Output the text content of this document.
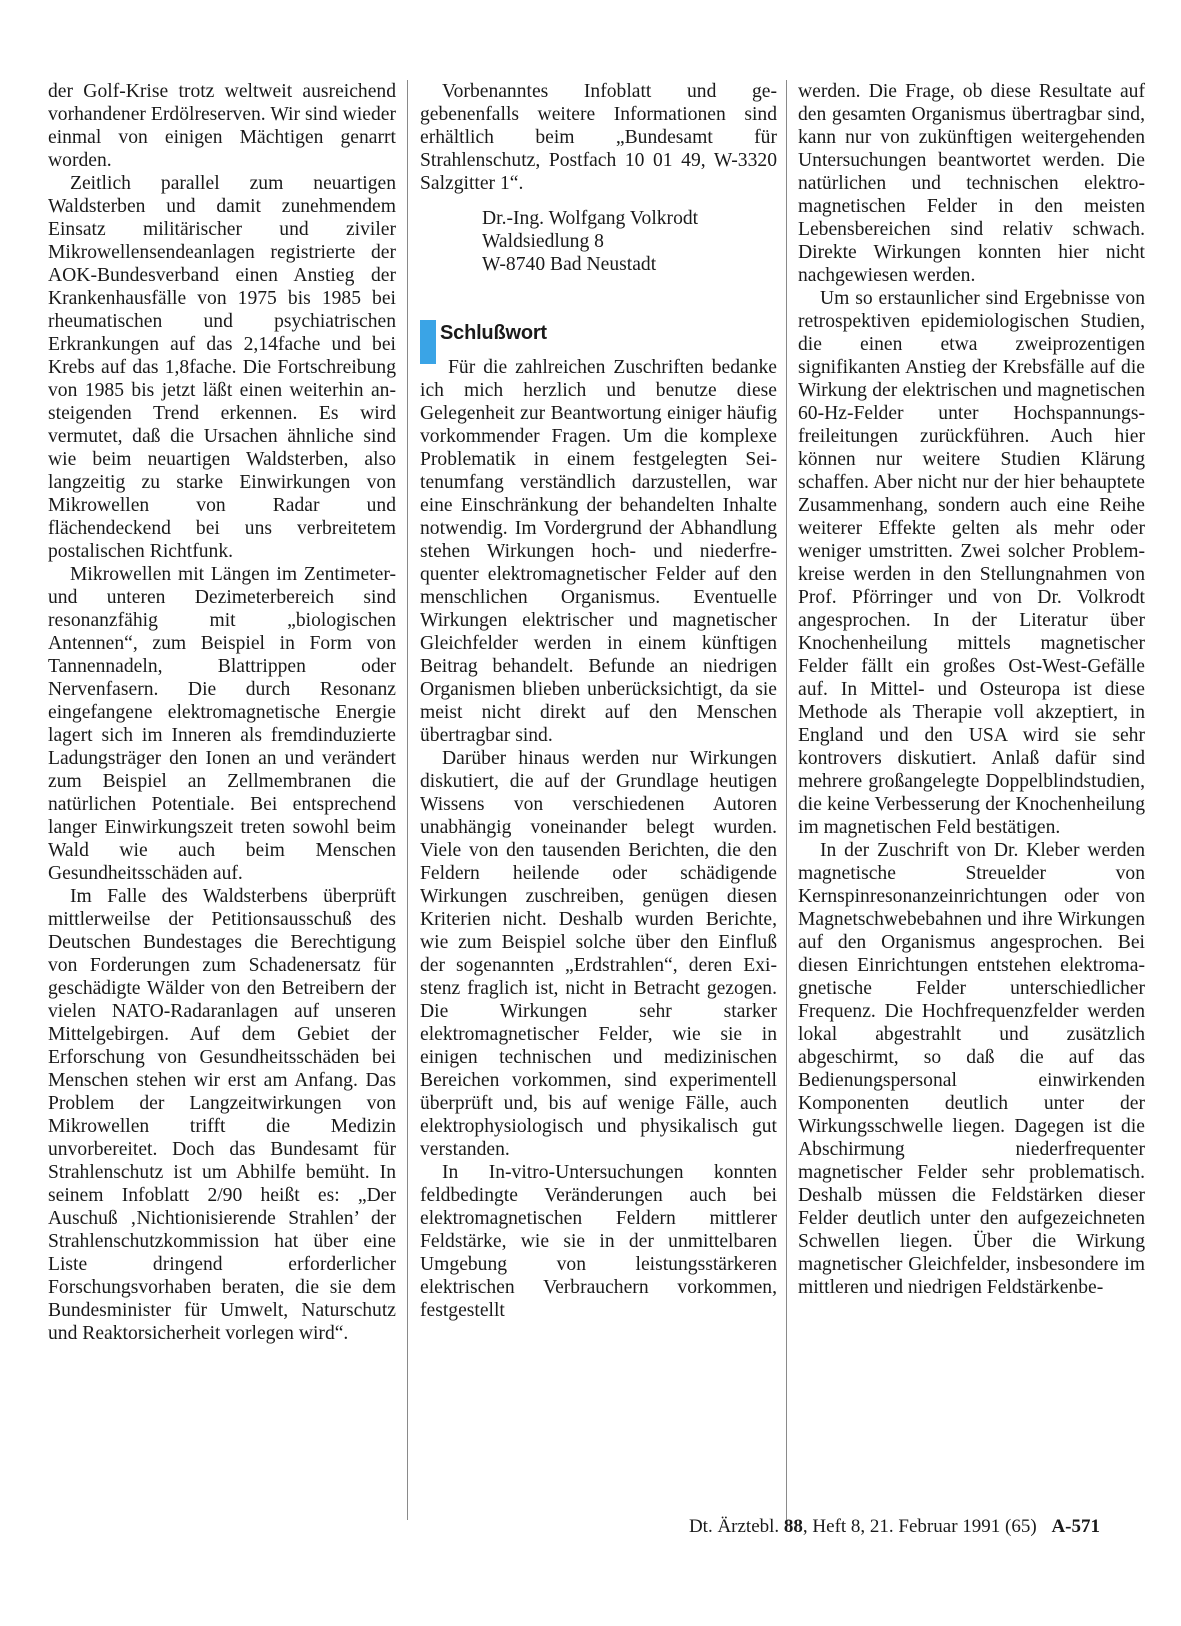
der Golf-Krise trotz weltweit ausreichend vorhandener Erdölreserven. Wir sind wieder einmal von einigen Mächtigen genarrt worden.

Zeitlich parallel zum neuartigen Waldsterben und damit zunehmendem Einsatz militärischer und ziviler Mikrowellensendeanlagen registrierte der AOK-Bundesverband einen Anstieg der Krankenhausfälle von 1975 bis 1985 bei rheumatischen und psychiatrischen Erkrankungen auf das 2,14fache und bei Krebs auf das 1,8fache. Die Fortschreibung von 1985 bis jetzt läßt einen weiterhin ansteigenden Trend erkennen. Es wird vermutet, daß die Ursachen ähnliche sind wie beim neuartigen Waldsterben, also langzeitig zu starke Einwirkungen von Mikrowellen von Radar und flächendeckend bei uns verbreitetem postalischen Richtfunk.

Mikrowellen mit Längen im Zentimeter- und unteren Dezimeterbereich sind resonanzfähig mit „biologischen Antennen“, zum Beispiel in Form von Tannennadeln, Blattrippen oder Nervenfasern. Die durch Resonanz eingefangene elektromagnetische Energie lagert sich im Inneren als fremdinduzierte Ladungsträger den Ionen an und verändert zum Beispiel an Zellmembranen die natürlichen Potentiale. Bei entsprechend langer Einwirkungszeit treten sowohl beim Wald wie auch beim Menschen Gesundheitsschäden auf.

Im Falle des Waldsterbens überprüft mittlerweilse der Petitionsausschuß des Deutschen Bundestages die Berechtigung von Forderungen zum Schadenersatz für geschädigte Wälder von den Betreibern der vielen NATO-Radaranlagen auf unseren Mittelgebirgen. Auf dem Gebiet der Erforschung von Gesundheitsschäden bei Menschen stehen wir erst am Anfang. Das Problem der Langzeitwirkungen von Mikrowellen trifft die Medizin unvorbereitet. Doch das Bundesamt für Strahlenschutz ist um Abhilfe bemüht. In seinem Infoblatt 2/90 heißt es: „Der Auschuß ‚Nichtionisierende Strahlen’ der Strahlenschutzkommission hat über eine Liste dringend erforderlicher Forschungsvorhaben beraten, die sie dem Bundesminister für Umwelt, Naturschutz und Reaktorsicherheit vorlegen wird“.

Vorbenanntes Infoblatt und gegebenenfalls weitere Informationen sind erhältlich beim „Bundesamt für Strahlenschutz, Postfach 10 01 49, W-3320 Salzgitter 1“.

Dr.-Ing. Wolfgang Volkrodt
Waldsiedlung 8
W-8740 Bad Neustadt
Schlußwort

Für die zahlreichen Zuschriften bedanke ich mich herzlich und benutze diese Gelegenheit zur Beantwortung einiger häufig vorkommender Fragen. Um die komplexe Problematik in einem festgelegten Seitenumfang verständlich darzustellen, war eine Einschränkung der behandelten Inhalte notwendig. Im Vordergrund der Abhandlung stehen Wirkungen hoch- und niederfrequenter elektromagnetischer Felder auf den menschlichen Organismus. Eventuelle Wirkungen elektrischer und magnetischer Gleichfelder werden in einem künftigen Beitrag behandelt. Befunde an niedrigen Organismen blieben unberücksichtigt, da sie meist nicht direkt auf den Menschen übertragbar sind.

Darüber hinaus werden nur Wirkungen diskutiert, die auf der Grundlage heutigen Wissens von verschiedenen Autoren unabhängig voneinander belegt wurden. Viele von den tausenden Berichten, die den Feldern heilende oder schädigende Wirkungen zuschreiben, genügen diesen Kriterien nicht. Deshalb wurden Berichte, wie zum Beispiel solche über den Einfluß der sogenannten „Erdstrahlen“, deren Existenz fraglich ist, nicht in Betracht gezogen. Die Wirkungen sehr starker elektromagnetischer Felder, wie sie in einigen technischen und medizinischen Bereichen vorkommen, sind experimentell überprüft und, bis auf wenige Fälle, auch elektrophysiologisch und physikalisch gut verstanden.

In In-vitro-Untersuchungen konnten feldbedingte Veränderungen auch bei elektromagnetischen Feldern mittlerer Feldstärke, wie sie in der unmittelbaren Umgebung von leistungsstärkeren elektrischen Verbrauchern vorkommen, festgestellt

werden. Die Frage, ob diese Resultate auf den gesamten Organismus übertragbar sind, kann nur von zukünftigen weitergehenden Untersuchungen beantwortet werden. Die natürlichen und technischen elektromagnetischen Felder in den meisten Lebensbereichen sind relativ schwach. Direkte Wirkungen konnten hier nicht nachgewiesen werden.

Um so erstaunlicher sind Ergebnisse von retrospektiven epidemiologischen Studien, die einen etwa zweiprozentigen signifikanten Anstieg der Krebsfälle auf die Wirkung der elektrischen und magnetischen 60-Hz-Felder unter Hochspannungsfreileitungen zurückführen. Auch hier können nur weitere Studien Klärung schaffen. Aber nicht nur der hier behauptete Zusammenhang, sondern auch eine Reihe weiterer Effekte gelten als mehr oder weniger umstritten. Zwei solcher Problemkreise werden in den Stellungnahmen von Prof. Pförringer und von Dr. Volkrodt angesprochen. In der Literatur über Knochenheilung mittels magnetischer Felder fällt ein großes Ost-West-Gefälle auf. In Mittel- und Osteuropa ist diese Methode als Therapie voll akzeptiert, in England und den USA wird sie sehr kontrovers diskutiert. Anlaß dafür sind mehrere großangelegte Doppelblindstudien, die keine Verbesserung der Knochenheilung im magnetischen Feld bestätigen.

In der Zuschrift von Dr. Kleber werden magnetische Streuelder von Kernspinresonanzeinrichtungen oder von Magnetschwebebahnen und ihre Wirkungen auf den Organismus angesprochen. Bei diesen Einrichtungen entstehen elektromagnetische Felder unterschiedlicher Frequenz. Die Hochfrequenzfelder werden lokal abgestrahlt und zusätzlich abgeschirmt, so daß die auf das Bedienungspersonal einwirkenden Komponenten deutlich unter der Wirkungsschwelle liegen. Dagegen ist die Abschirmung niederfrequenter magnetischer Felder sehr problematisch. Deshalb müssen die Feldstärken dieser Felder deutlich unter den aufgezeichneten Schwellen liegen. Über die Wirkung magnetischer Gleichfelder, insbesondere im mittleren und niedrigen Feldstärkenbe-

Dt. Ärztebl. 88, Heft 8, 21. Februar 1991 (65) A-571
